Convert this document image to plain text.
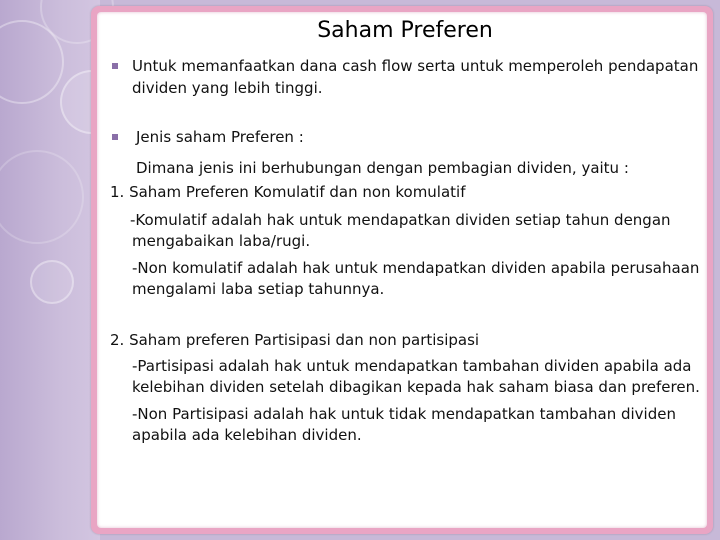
Saham Preferen
Untuk memanfaatkan dana cash flow serta untuk memperoleh pendapatan
dividen yang lebih tinggi.
Jenis saham Preferen :
Dimana jenis ini berhubungan dengan pembagian dividen, yaitu :
1. Saham Preferen Komulatif dan non komulatif
-Komulatif adalah hak untuk mendapatkan dividen setiap tahun dengan
mengabaikan laba/rugi.
-Non komulatif adalah hak untuk mendapatkan dividen apabila perusahaan
mengalami laba setiap tahunnya.
2. Saham preferen Partisipasi dan non partisipasi
-Partisipasi adalah hak untuk mendapatkan tambahan dividen apabila ada
kelebihan dividen setelah dibagikan kepada hak saham biasa dan preferen.
-Non Partisipasi adalah hak untuk tidak mendapatkan tambahan dividen
apabila ada kelebihan dividen.
